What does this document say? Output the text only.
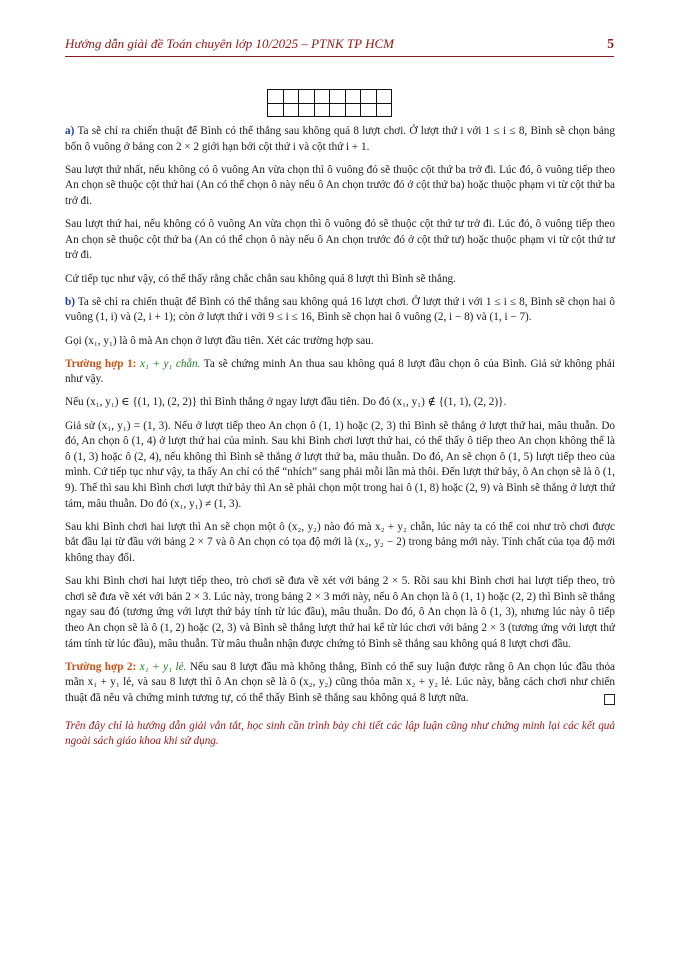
Hướng dẫn giải đề Toán chuyên lớp 10/2025 – PTNK TP HCM	5

a) Ta sẽ chỉ ra chiến thuật để Bình có thể thắng sau không quá 8 lượt chơi. Ở lượt thứ i với 1 ≤ i ≤ 8, Bình sẽ chọn bảng bốn ô vuông ở bảng con 2 × 2 giới hạn bởi cột thứ i và cột thứ i + 1.

Sau lượt thứ nhất, nếu không có ô vuông An vừa chọn thì ô vuông đó sẽ thuộc cột thứ ba trở đi. Lúc đó, ô vuông tiếp theo An chọn sẽ thuộc cột thứ hai (An có thể chọn ô này nếu ô An chọn trước đó ở cột thứ ba) hoặc thuộc phạm vi từ cột thứ ba trở đi.

Sau lượt thứ hai, nếu không có ô vuông An vừa chọn thì ô vuông đó sẽ thuộc cột thứ tư trở đi. Lúc đó, ô vuông tiếp theo An chọn sẽ thuộc cột thứ ba (An có thể chọn ô này nếu ô An chọn trước đó ở cột thứ tư) hoặc thuộc phạm vi từ cột thứ tư trở đi.

Cứ tiếp tục như vậy, có thể thấy rằng chắc chắn sau không quá 8 lượt thì Bình sẽ thắng.

b) Ta sẽ chỉ ra chiến thuật để Bình có thể thắng sau không quá 16 lượt chơi. Ở lượt thứ i với 1 ≤ i ≤ 8, Bình sẽ chọn hai ô vuông (1, i) và (2, i + 1); còn ở lượt thứ i với 9 ≤ i ≤ 16, Bình sẽ chọn hai ô vuông (2, i − 8) và (1, i − 7).

Gọi (x₁, y₁) là ô mà An chọn ở lượt đầu tiên. Xét các trường hợp sau.

Trường hợp 1: x₁ + y₁ chẵn. Ta sẽ chứng minh An thua sau không quá 8 lượt đầu chọn ô của Bình. Giả sử không phải như vậy.

Nếu (x₁, y₁) ∈ {(1, 1), (2, 2)} thì Bình thắng ở ngay lượt đầu tiên. Do đó (x₁, y₁) ∉ {(1, 1), (2, 2)}.

Giả sử (x₁, y₁) = (1, 3). Nếu ở lượt tiếp theo An chọn ô (1, 1) hoặc (2, 3) thì Bình sẽ thắng ở lượt thứ hai, mâu thuẫn. Do đó, An chọn ô (1, 4) ở lượt thứ hai của mình. Sau khi Bình chơi lượt thứ hai, có thể thấy ô tiếp theo An chọn không thể là ô (1, 3) hoặc ô (2, 4), nếu không thì Bình sẽ thắng ở lượt thứ ba, mâu thuẫn. Do đó, An sẽ chọn ô (1, 5) lượt tiếp theo của mình. Cứ tiếp tục như vậy, ta thấy An chỉ có thể “nhích” sang phải mỗi lần mà thôi. Đến lượt thứ bảy, ô An chọn sẽ là ô (1, 9). Thế thì sau khi Bình chơi lượt thứ bảy thì An sẽ phải chọn một trong hai ô (1, 8) hoặc (2, 9) và Bình sẽ thắng ở lượt thứ tám, mâu thuẫn. Do đó (x₁, y₁) ≠ (1, 3).

Sau khi Bình chơi hai lượt thì An sẽ chọn một ô (x₂, y₂) nào đó mà x₂ + y₂ chẵn, lúc này ta có thể coi như trò chơi được bắt đầu lại từ đầu với bảng 2 × 7 và ô An chọn có tọa độ mới là (x₂, y₂ − 2) trong bảng mới này. Tính chất của tọa độ mới không thay đổi.

Sau khi Bình chơi hai lượt tiếp theo, trò chơi sẽ đưa về xét với bảng 2 × 5. Rồi sau khi Bình chơi hai lượt tiếp theo, trò chơi sẽ đưa về xét với bản 2 × 3. Lúc này, trong bảng 2 × 3 mới này, nếu ô An chọn là ô (1, 1) hoặc (2, 2) thì Bình sẽ thắng ngay sau đó (tương ứng với lượt thứ bảy tính từ lúc đầu), mâu thuẫn. Do đó, ô An chọn là ô (1, 3), nhưng lúc này ô tiếp theo An chọn sẽ là ô (1, 2) hoặc (2, 3) và Bình sẽ thắng lượt thứ hai kể từ lúc chơi với bảng 2 × 3 (tương ứng với lượt thứ tám tính từ lúc đầu), mâu thuẫn. Từ mâu thuẫn nhận được chứng tỏ Bình sẽ thắng sau không quá 8 lượt chơi đầu.

Trường hợp 2: x₁ + y₁ lẻ. Nếu sau 8 lượt đầu mà không thắng, Bình có thể suy luận được rằng ô An chọn lúc đầu thỏa mãn x₁ + y₁ lẻ, và sau 8 lượt thì ô An chọn sẽ là ô (x₂, y₂) cũng thỏa mãn x₂ + y₂ lẻ. Lúc này, bằng cách chơi như chiến thuật đã nêu và chứng minh tương tự, có thể thấy Bình sẽ thắng sau không quá 8 lượt nữa.

Trên đây chỉ là hướng dẫn giải vắn tắt, học sinh cần trình bày chi tiết các lập luận cũng như chứng minh lại các kết quả ngoài sách giáo khoa khi sử dụng.
